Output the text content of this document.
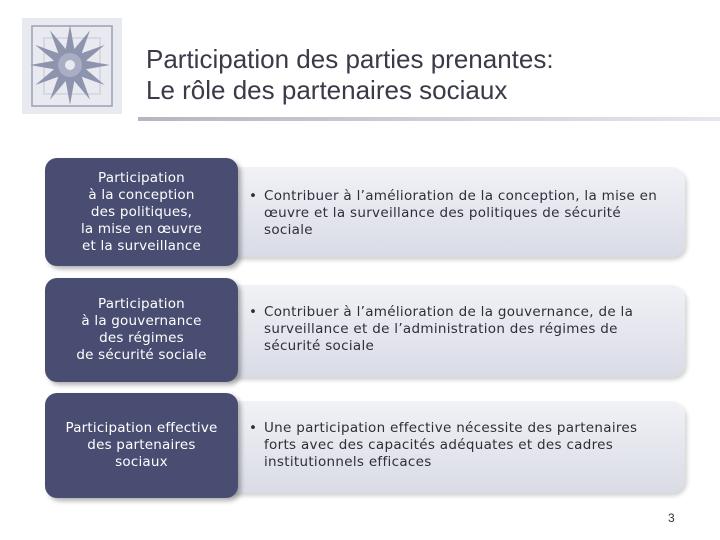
Participation des parties prenantes:
Le rôle des partenaires sociaux
Participation
à la conception
des politiques,
la mise en œuvre
et la surveillance
• Contribuer à l’amélioration de la conception, la mise en œuvre et la surveillance des politiques de sécurité sociale
Participation
à la gouvernance
des régimes
de sécurité sociale
• Contribuer à l’amélioration de la gouvernance, de la surveillance et de l’administration des régimes de sécurité sociale
Participation effective
des partenaires
sociaux
• Une participation effective nécessite des partenaires forts avec des capacités adéquates et des cadres institutionnels efficaces
3
